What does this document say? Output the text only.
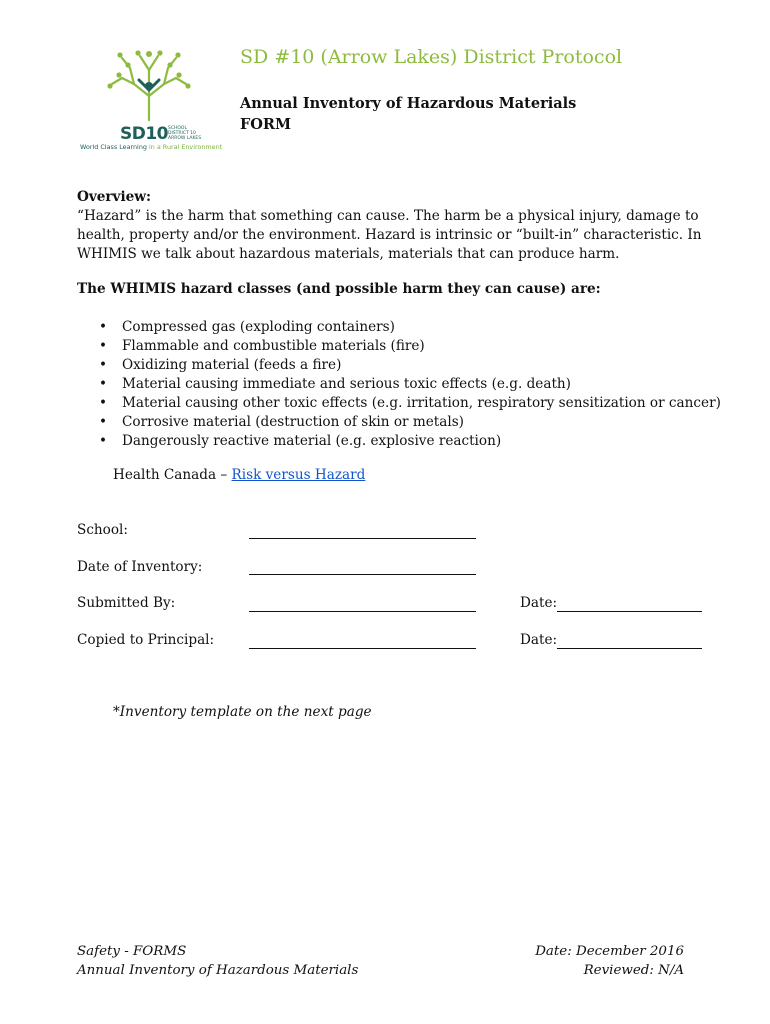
SD10 SCHOOL DISTRICT 10 ARROW LAKES
World Class Learning in a Rural Environment
SD #10 (Arrow Lakes) District Protocol
Annual Inventory of Hazardous Materials
FORM
Overview:
“Hazard” is the harm that something can cause. The harm be a physical injury, damage to health, property and/or the environment. Hazard is intrinsic or “built-in” characteristic. In WHIMIS we talk about hazardous materials, materials that can produce harm.
The WHIMIS hazard classes (and possible harm they can cause) are:
• Compressed gas (exploding containers)
• Flammable and combustible materials (fire)
• Oxidizing material (feeds a fire)
• Material causing immediate and serious toxic effects (e.g. death)
• Material causing other toxic effects (e.g. irritation, respiratory sensitization or cancer)
• Corrosive material (destruction of skin or metals)
• Dangerously reactive material (e.g. explosive reaction)
Health Canada – Risk versus Hazard
School:
Date of Inventory:
Submitted By:	Date:
Copied to Principal:	Date:
*Inventory template on the next page
Safety - FORMS
Annual Inventory of Hazardous Materials
Date: December 2016
Reviewed: N/A
